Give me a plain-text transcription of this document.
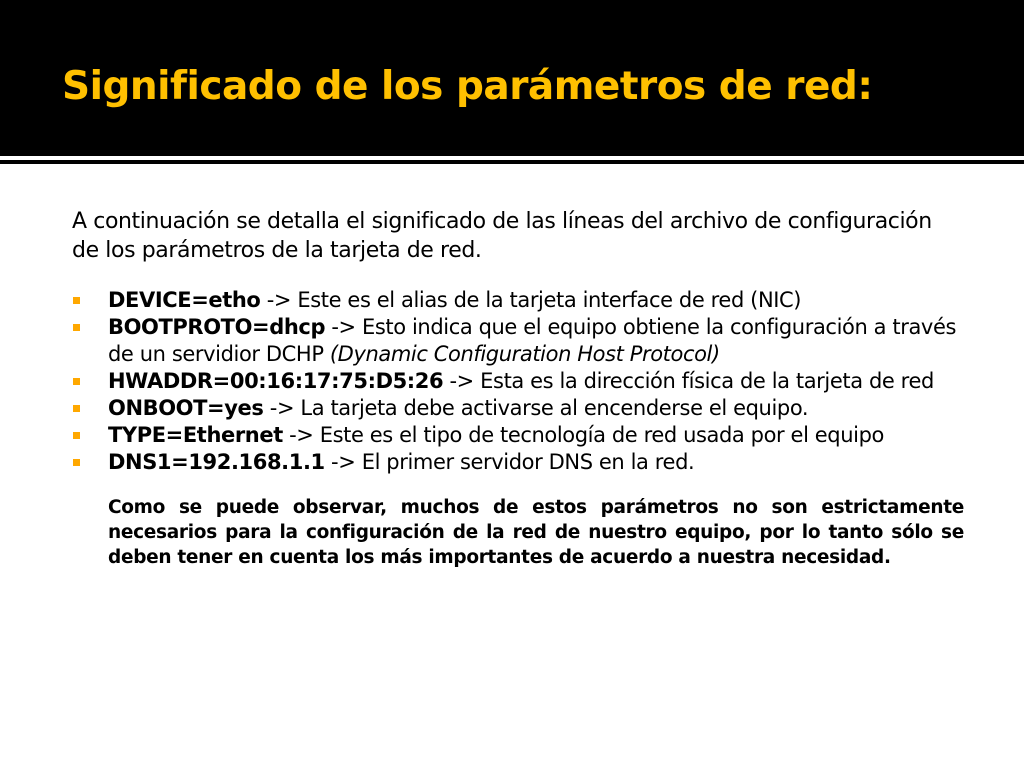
Significado de los parámetros de red:

A continuación se detalla el significado de las líneas del archivo de configuración de los parámetros de la tarjeta de red.

DEVICE=etho -> Este es el alias de la tarjeta interface de red (NIC)
BOOTPROTO=dhcp -> Esto indica que el equipo obtiene la configuración a través de un servidior DCHP (Dynamic Configuration Host Protocol)
HWADDR=00:16:17:75:D5:26 -> Esta es la dirección física de la tarjeta de red
ONBOOT=yes -> La tarjeta debe activarse al encenderse el equipo.
TYPE=Ethernet -> Este es el tipo de tecnología de red usada por el equipo
DNS1=192.168.1.1 -> El primer servidor DNS en la red.

Como se puede observar, muchos de estos parámetros no son estrictamente necesarios para la configuración de la red de nuestro equipo, por lo tanto sólo se deben tener en cuenta los más importantes de acuerdo a nuestra necesidad.
